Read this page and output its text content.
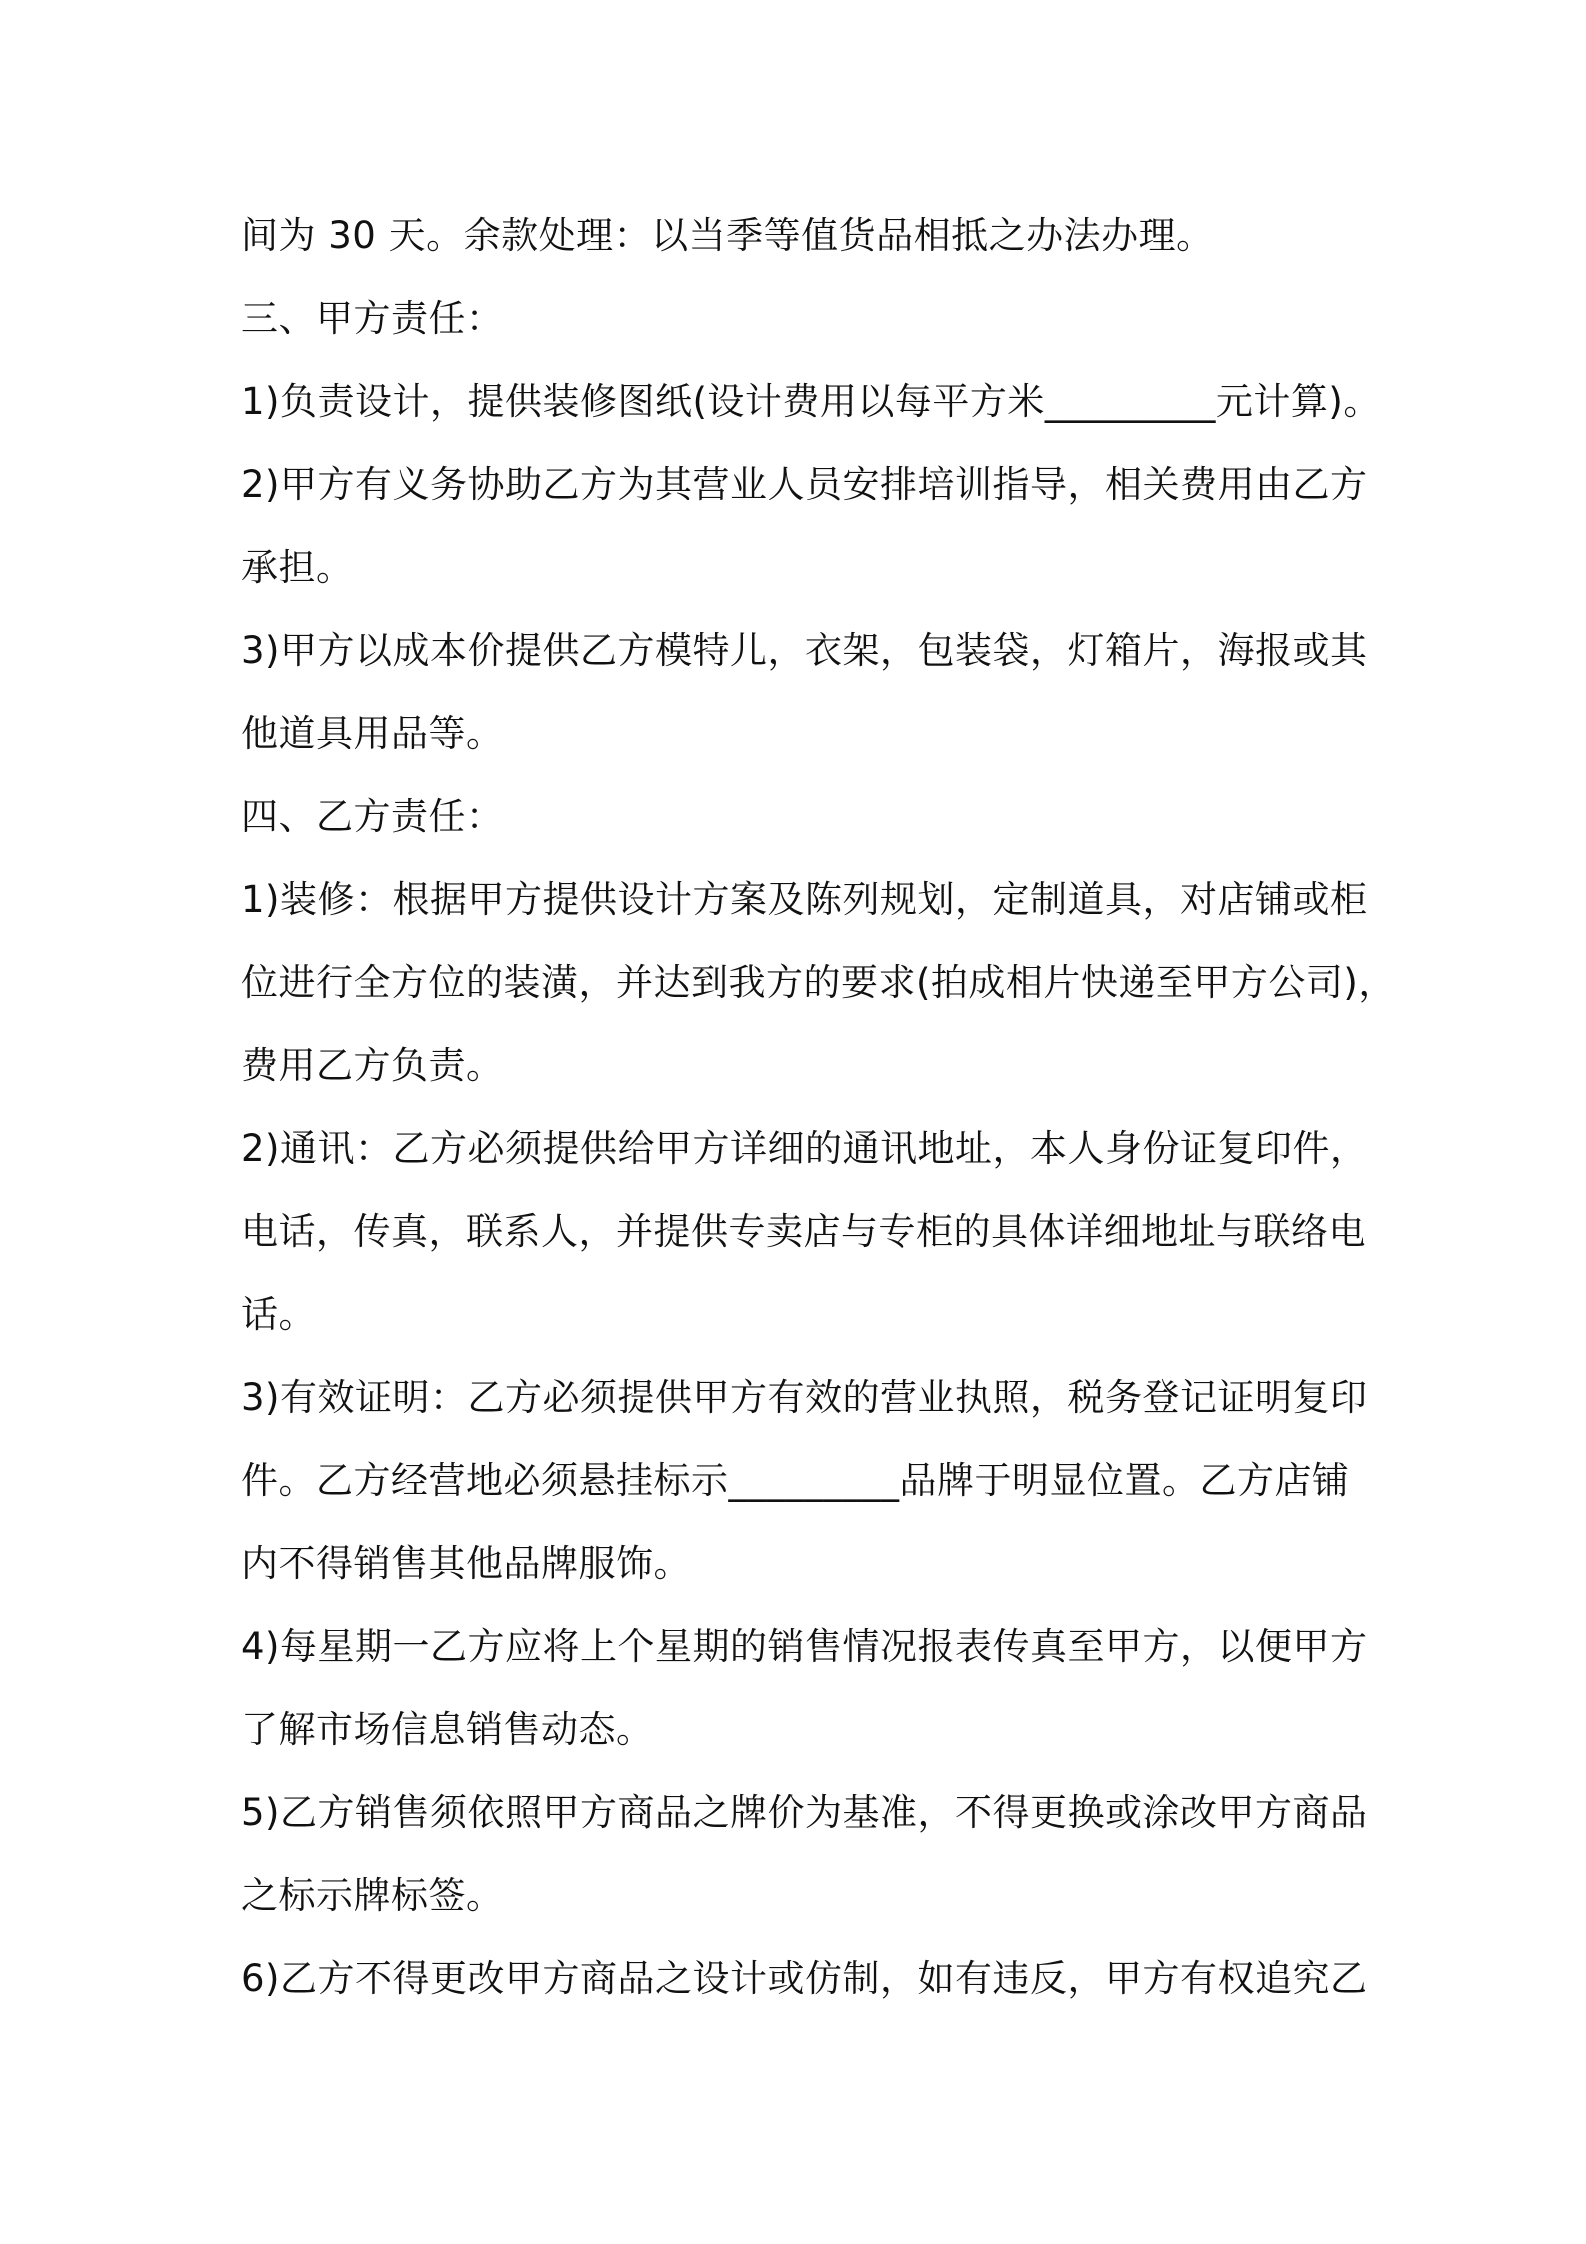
间为 30 天。余款处理：以当季等值货品相抵之办法办理。

三、甲方责任：

1)负责设计，提供装修图纸(设计费用以每平方米_________元计算)。

2)甲方有义务协助乙方为其营业人员安排培训指导，相关费用由乙方

承担。

3)甲方以成本价提供乙方模特儿，衣架，包装袋，灯箱片，海报或其

他道具用品等。

四、乙方责任：

1)装修：根据甲方提供设计方案及陈列规划，定制道具，对店铺或柜

位进行全方位的装潢，并达到我方的要求(拍成相片快递至甲方公司)，

费用乙方负责。

2)通讯：乙方必须提供给甲方详细的通讯地址，本人身份证复印件，

电话，传真，联系人，并提供专卖店与专柜的具体详细地址与联络电

话。

3)有效证明：乙方必须提供甲方有效的营业执照，税务登记证明复印

件。乙方经营地必须悬挂标示_________品牌于明显位置。乙方店铺

内不得销售其他品牌服饰。

4)每星期一乙方应将上个星期的销售情况报表传真至甲方，以便甲方

了解市场信息销售动态。

5)乙方销售须依照甲方商品之牌价为基准，不得更换或涂改甲方商品

之标示牌标签。

6)乙方不得更改甲方商品之设计或仿制，如有违反，甲方有权追究乙
